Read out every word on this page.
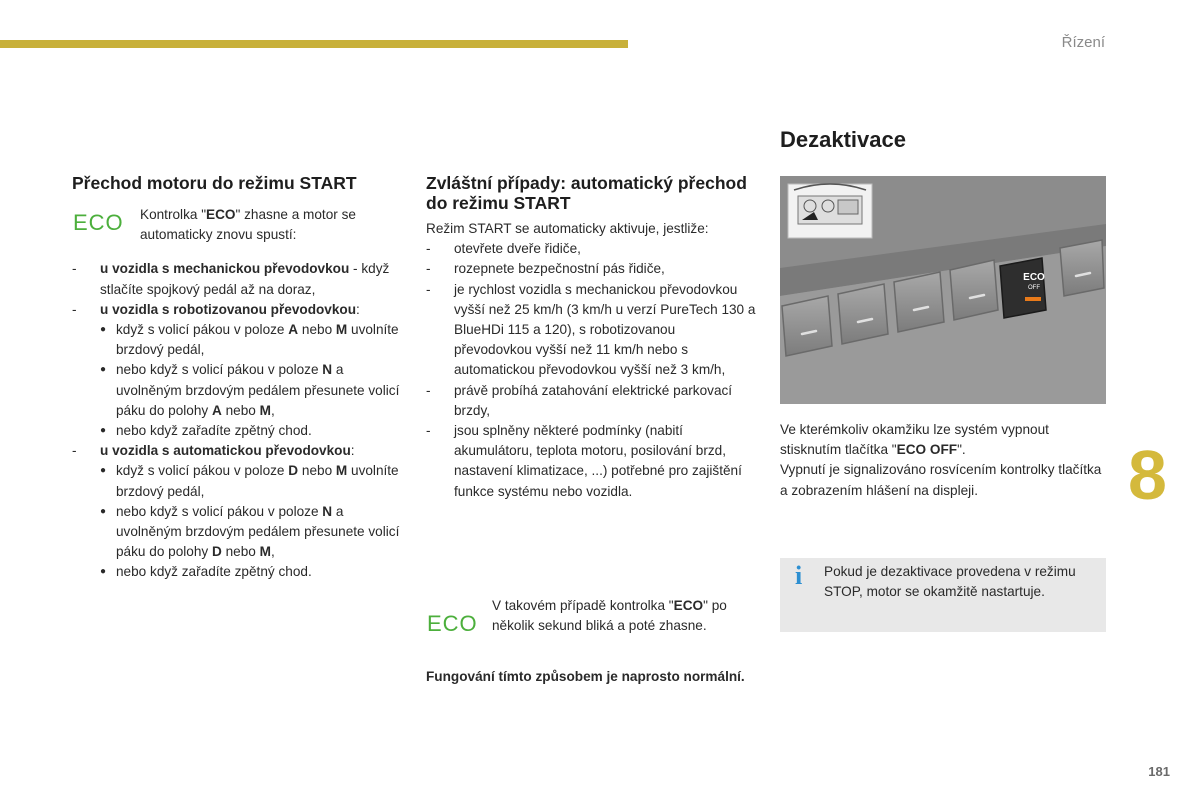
Řízení
Přechod motoru do režimu START
ECO Kontrolka "ECO" zhasne a motor se automaticky znovu spustí:
- u vozidla s mechanickou převodovkou - když stlačíte spojkový pedál až na doraz,
- u vozidla s robotizovanou převodovkou:
● když s volicí pákou v poloze A nebo M uvolníte brzdový pedál,
● nebo když s volicí pákou v poloze N a uvolněným brzdovým pedálem přesunete volicí páku do polohy A nebo M,
● nebo když zařadíte zpětný chod.
- u vozidla s automatickou převodovkou:
● když s volicí pákou v poloze D nebo M uvolníte brzdový pedál,
● nebo když s volicí pákou v poloze N a uvolněným brzdovým pedálem přesunete volicí páku do polohy D nebo M,
● nebo když zařadíte zpětný chod.
Zvláštní případy: automatický přechod do režimu START

Režim START se automaticky aktivuje, jestliže:

- otevřete dveře řidiče,
- rozepnete bezpečnostní pás řidiče,
- je rychlost vozidla s mechanickou převodovkou vyšší než 25 km/h (3 km/h u verzí PureTech 130 a BlueHDi 115 a 120), s robotizovanou převodovkou vyšší než 11 km/h nebo s automatickou převodovkou vyšší než 3 km/h,
- právě probíhá zatahování elektrické parkovací brzdy,
- jsou splněny některé podmínky (nabití akumulátoru, teplota motoru, posilování brzd, nastavení klimatizace, ...) potřebné pro zajištění funkce systému nebo vozidla.
ECO
V takovém případě kontrolka "ECO" po několik sekund bliká a poté zhasne.

Fungování tímto způsobem je naprosto normální.

Dezaktivace
Ve kterémkoliv okamžiku lze systém vypnout stisknutím tlačítka "ECO OFF".
Vypnutí je signalizováno rosvícením kontrolky tlačítka a zobrazením hlášení na displeji.
ECO
OFF
i	Pokud je dezaktivace provedena v režimu STOP, motor se okamžitě nastartuje.
8
181
